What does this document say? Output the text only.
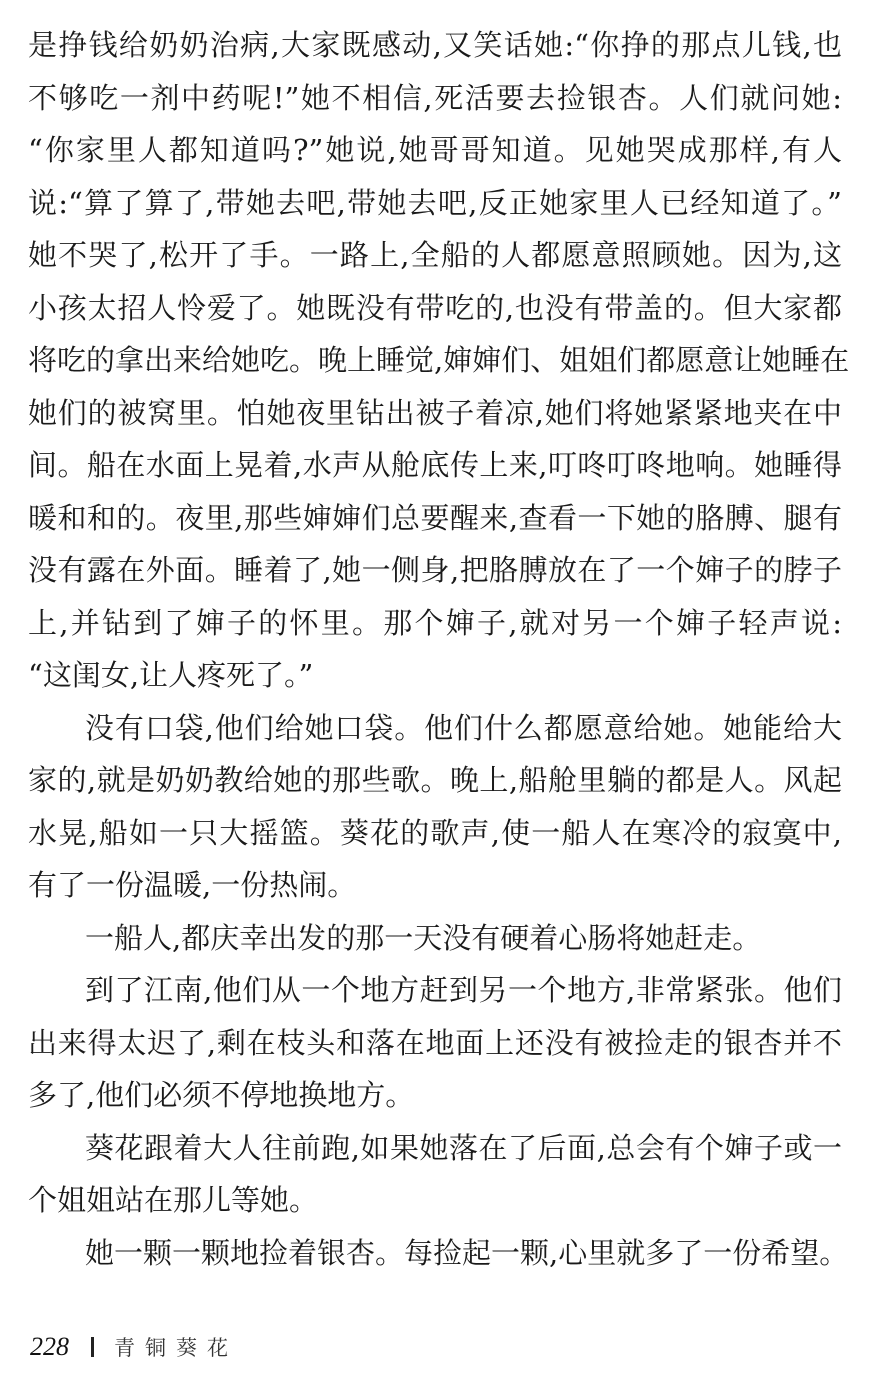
是挣钱给奶奶治病,大家既感动,又笑话她:“你挣的那点儿钱,也
不够吃一剂中药呢!”她不相信,死活要去捡银杏。人们就问她:
“你家里人都知道吗?”她说,她哥哥知道。见她哭成那样,有人
说:“算了算了,带她去吧,带她去吧,反正她家里人已经知道了。”
她不哭了,松开了手。一路上,全船的人都愿意照顾她。因为,这
小孩太招人怜爱了。她既没有带吃的,也没有带盖的。但大家都
将吃的拿出来给她吃。晚上睡觉,婶婶们、姐姐们都愿意让她睡在
她们的被窝里。怕她夜里钻出被子着凉,她们将她紧紧地夹在中
间。船在水面上晃着,水声从舱底传上来,叮咚叮咚地响。她睡得
暖和和的。夜里,那些婶婶们总要醒来,查看一下她的胳膊、腿有
没有露在外面。睡着了,她一侧身,把胳膊放在了一个婶子的脖子
上,并钻到了婶子的怀里。那个婶子,就对另一个婶子轻声说:
“这闺女,让人疼死了。”
没有口袋,他们给她口袋。他们什么都愿意给她。她能给大
家的,就是奶奶教给她的那些歌。晚上,船舱里躺的都是人。风起
水晃,船如一只大摇篮。葵花的歌声,使一船人在寒冷的寂寞中,
有了一份温暖,一份热闹。
一船人,都庆幸出发的那一天没有硬着心肠将她赶走。
到了江南,他们从一个地方赶到另一个地方,非常紧张。他们
出来得太迟了,剩在枝头和落在地面上还没有被捡走的银杏并不
多了,他们必须不停地换地方。
葵花跟着大人往前跑,如果她落在了后面,总会有个婶子或一
个姐姐站在那儿等她。
她一颗一颗地捡着银杏。每捡起一颗,心里就多了一份希望。
228 青铜葵花
